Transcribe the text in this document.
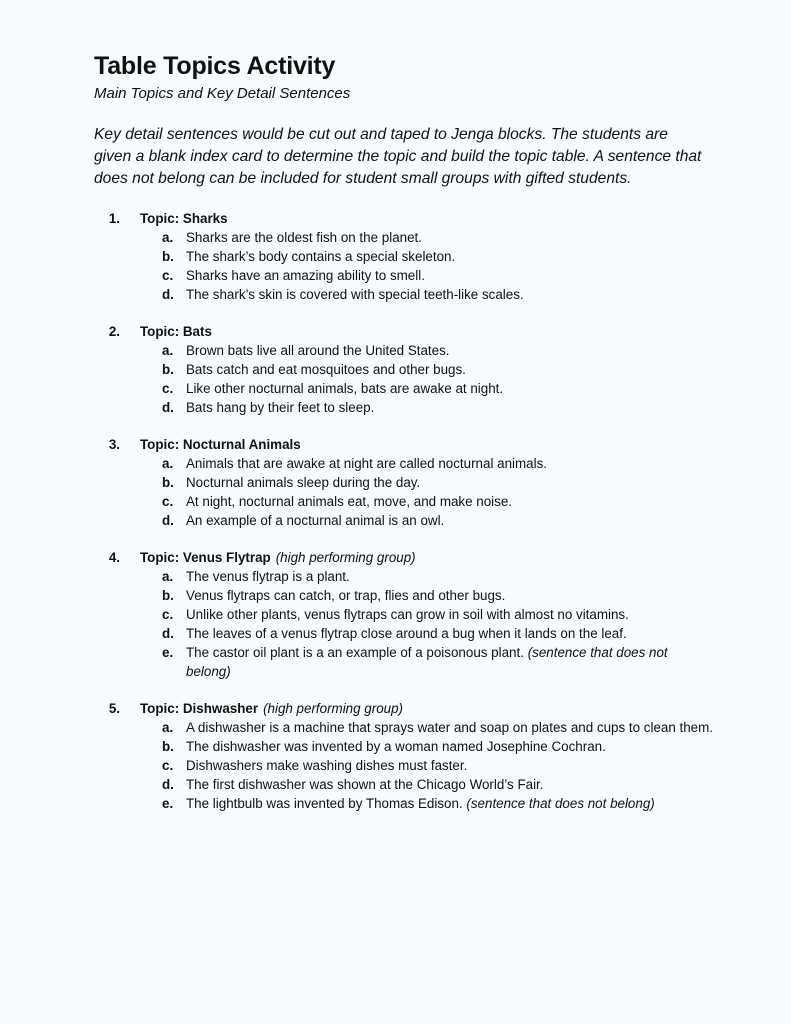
Table Topics Activity
Main Topics and Key Detail Sentences
Key detail sentences would be cut out and taped to Jenga blocks. The students are given a blank index card to determine the topic and build the topic table. A sentence that does not belong can be included for student small groups with gifted students.
1.	Topic: Sharks
a. Sharks are the oldest fish on the planet.
b. The shark’s body contains a special skeleton.
c. Sharks have an amazing ability to smell.
d. The shark’s skin is covered with special teeth-like scales.
2.	Topic: Bats
a. Brown bats live all around the United States.
b. Bats catch and eat mosquitoes and other bugs.
c. Like other nocturnal animals, bats are awake at night.
d. Bats hang by their feet to sleep.
3.	Topic: Nocturnal Animals
a. Animals that are awake at night are called nocturnal animals.
b. Nocturnal animals sleep during the day.
c. At night, nocturnal animals eat, move, and make noise.
d. An example of a nocturnal animal is an owl.
4.	Topic: Venus Flytrap (high performing group)
a. The venus flytrap is a plant.
b. Venus flytraps can catch, or trap, flies and other bugs.
c. Unlike other plants, venus flytraps can grow in soil with almost no vitamins.
d. The leaves of a venus flytrap close around a bug when it lands on the leaf.
e. The castor oil plant is a an example of a poisonous plant. (sentence that does not belong)
5.	Topic: Dishwasher (high performing group)
a. A dishwasher is a machine that sprays water and soap on plates and cups to clean them.
b. The dishwasher was invented by a woman named Josephine Cochran.
c. Dishwashers make washing dishes must faster.
d. The first dishwasher was shown at the Chicago World’s Fair.
e. The lightbulb was invented by Thomas Edison. (sentence that does not belong)
